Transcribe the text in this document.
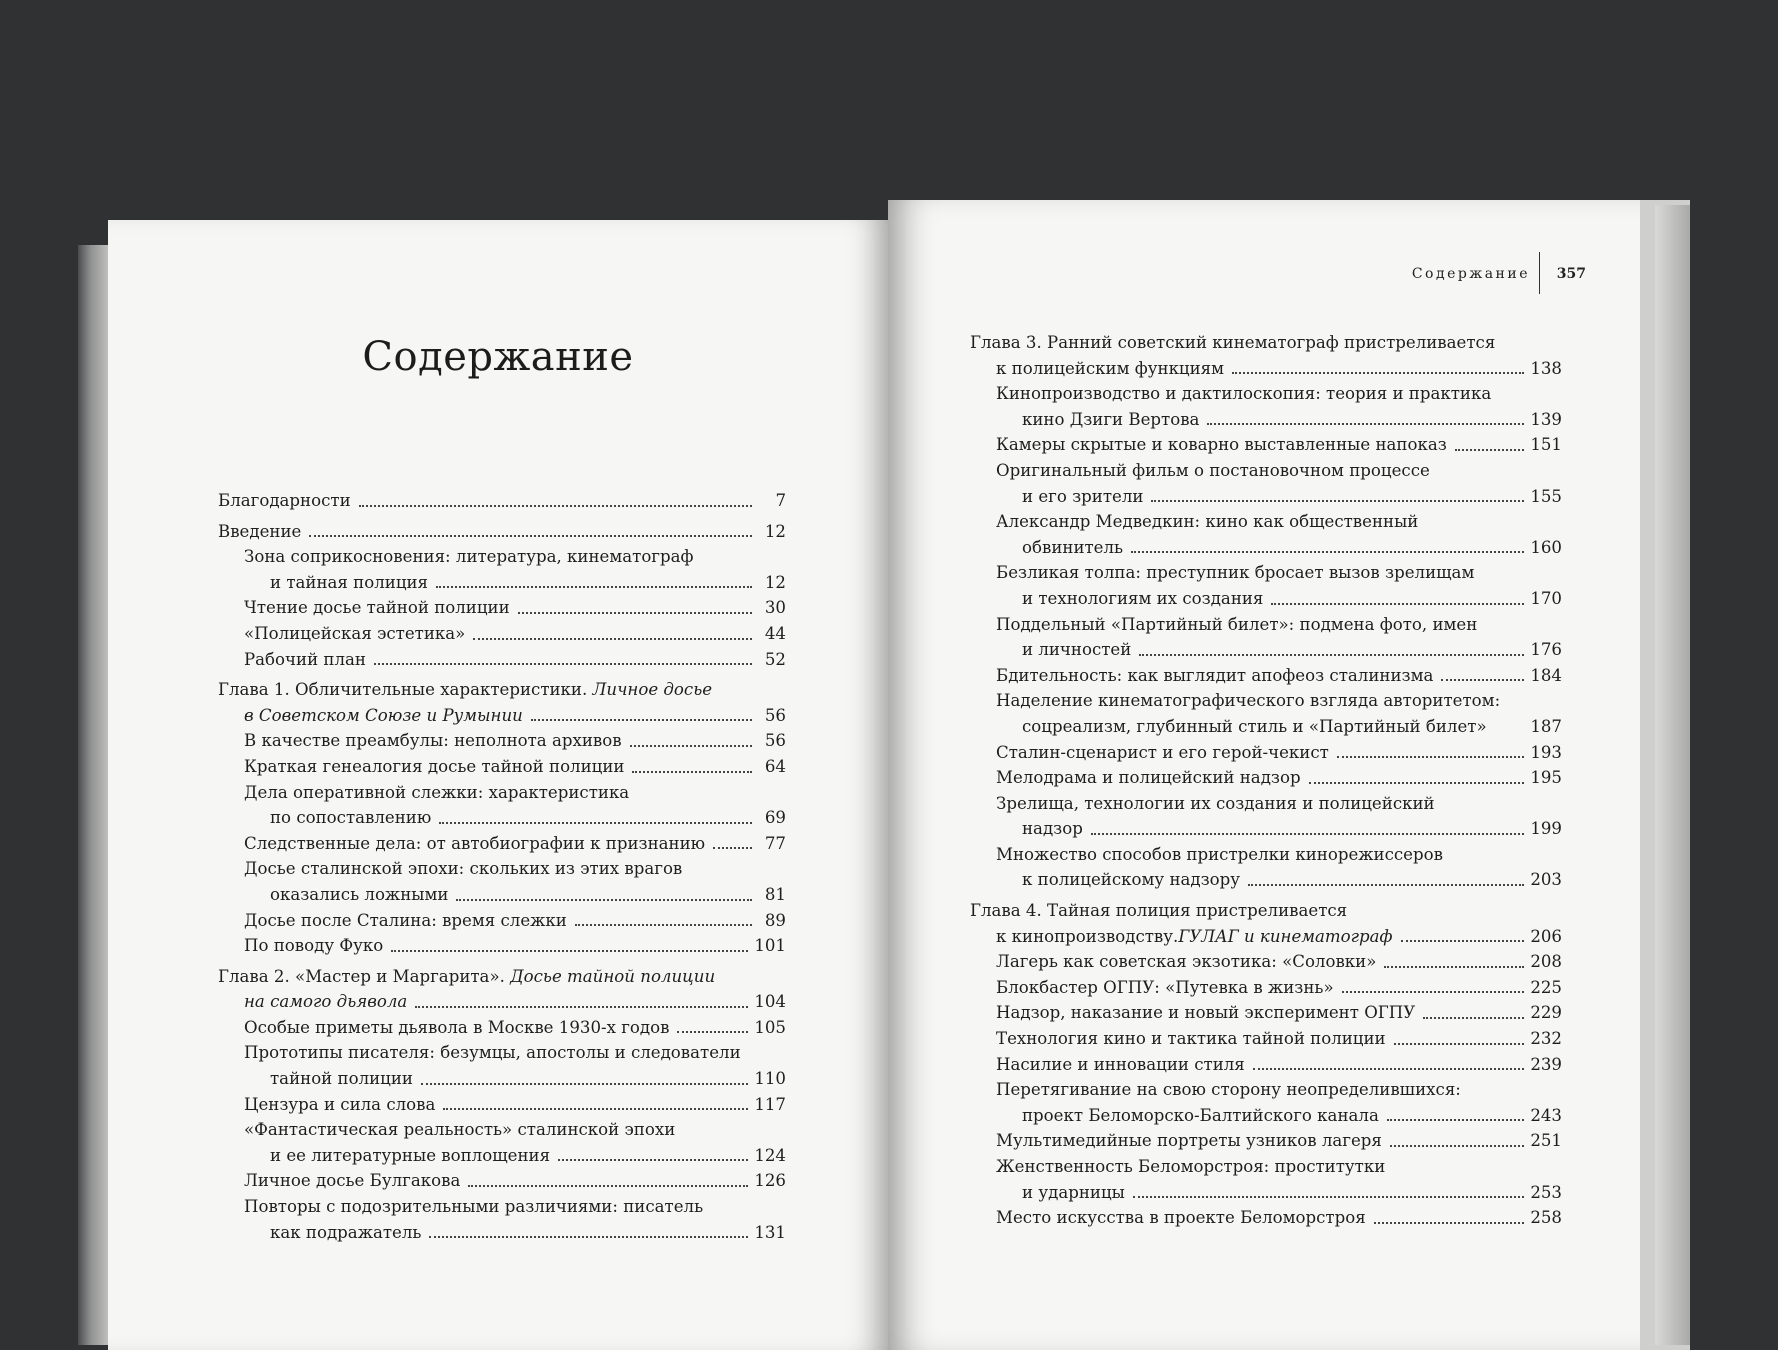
Содержание
Благодарности	7
Введение	12
Зона соприкосновения: литература, кинематограф
и тайная полиция	12
Чтение досье тайной полиции	30
«Полицейская эстетика»	44
Рабочий план	52
Глава 1. Обличительные характеристики. Личное досье
в Советском Союзе и Румынии	56
В качестве преамбулы: неполнота архивов	56
Краткая генеалогия досье тайной полиции	64
Дела оперативной слежки: характеристика
по сопоставлению	69
Следственные дела: от автобиографии к признанию	77
Досье сталинской эпохи: скольких из этих врагов
оказались ложными	81
Досье после Сталина: время слежки	89
По поводу Фуко	101
Глава 2. «Мастер и Маргарита». Досье тайной полиции
на самого дьявола	104
Особые приметы дьявола в Москве 1930-х годов	105
Прототипы писателя: безумцы, апостолы и следователи
тайной полиции	110
Цензура и сила слова	117
«Фантастическая реальность» сталинской эпохи
и ее литературные воплощения	124
Личное досье Булгакова	126
Повторы с подозрительными различиями: писатель
как подражатель	131
Содержание 357
Глава 3. Ранний советский кинематограф пристреливается
к полицейским функциям	138
Кинопроизводство и дактилоскопия: теория и практика
кино Дзиги Вертова	139
Камеры скрытые и коварно выставленные напоказ	151
Оригинальный фильм о постановочном процессе
и его зрители	155
Александр Медведкин: кино как общественный
обвинитель	160
Безликая толпа: преступник бросает вызов зрелищам
и технологиям их создания	170
Поддельный «Партийный билет»: подмена фото, имен
и личностей	176
Бдительность: как выглядит апофеоз сталинизма	184
Наделение кинематографического взгляда авторитетом:
соцреализм, глубинный стиль и «Партийный билет»	187
Сталин-сценарист и его герой-чекист	193
Мелодрама и полицейский надзор	195
Зрелища, технологии их создания и полицейский
надзор	199
Множество способов пристрелки кинорежиссеров
к полицейскому надзору	203
Глава 4. Тайная полиция пристреливается
к кинопроизводству. ГУЛАГ и кинематограф	206
Лагерь как советская экзотика: «Соловки»	208
Блокбастер ОГПУ: «Путевка в жизнь»	225
Надзор, наказание и новый эксперимент ОГПУ	229
Технология кино и тактика тайной полиции	232
Насилие и инновации стиля	239
Перетягивание на свою сторону неопределившихся:
проект Беломорско-Балтийского канала	243
Мультимедийные портреты узников лагеря	251
Женственность Беломорстроя: проститутки
и ударницы	253
Место искусства в проекте Беломорстроя	258
